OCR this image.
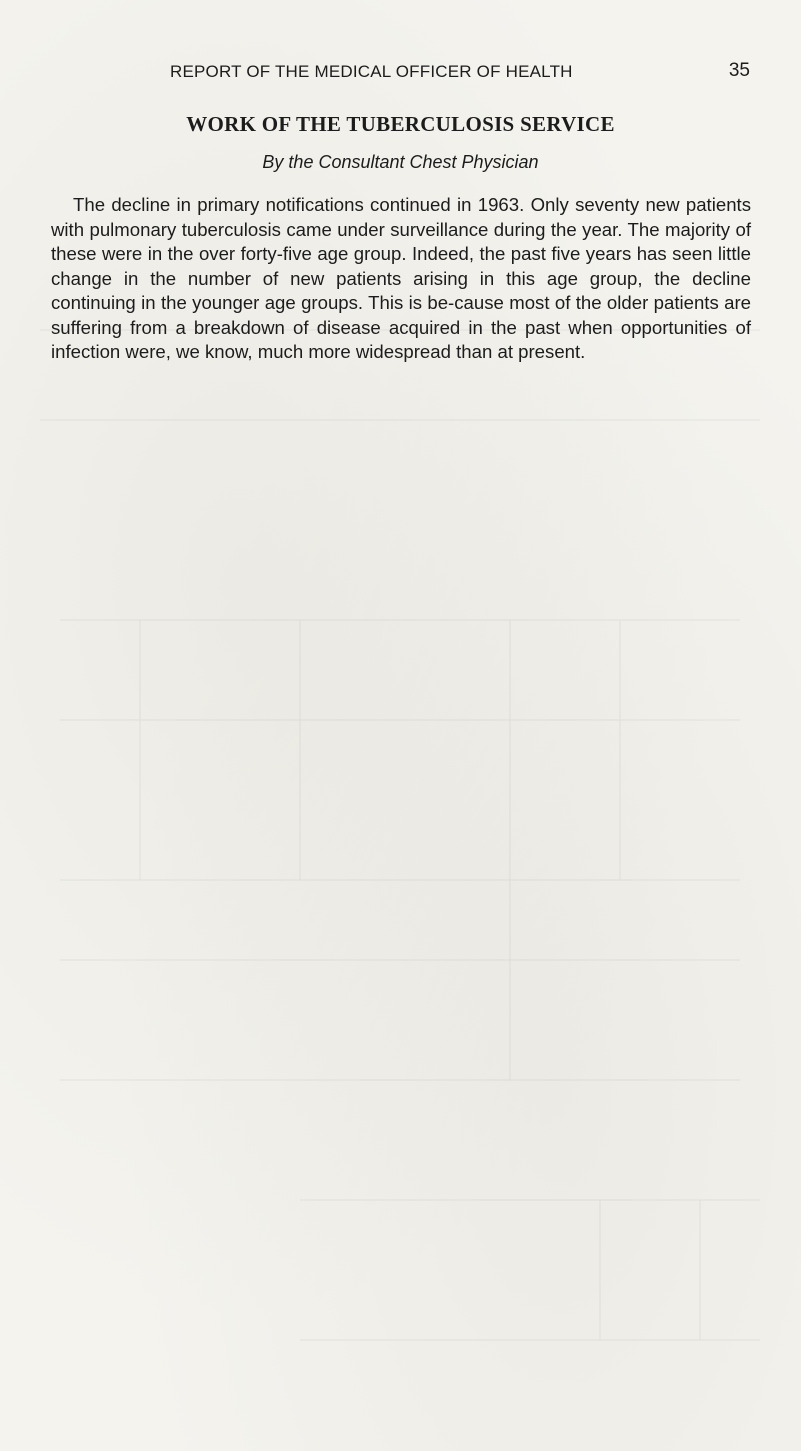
REPORT OF THE MEDICAL OFFICER OF HEALTH	35
WORK OF THE TUBERCULOSIS SERVICE
By the Consultant Chest Physician

The decline in primary notifications continued in 1963. Only seventy new patients with pulmonary tuberculosis came under surveillance during the year. The majority of these were in the over forty-five age group. Indeed, the past five years has seen little change in the number of new patients arising in this age group, the decline continuing in the younger age groups. This is be-cause most of the older patients are suffering from a breakdown of disease acquired in the past when opportunities of infection were, we know, much more widespread than at present.
